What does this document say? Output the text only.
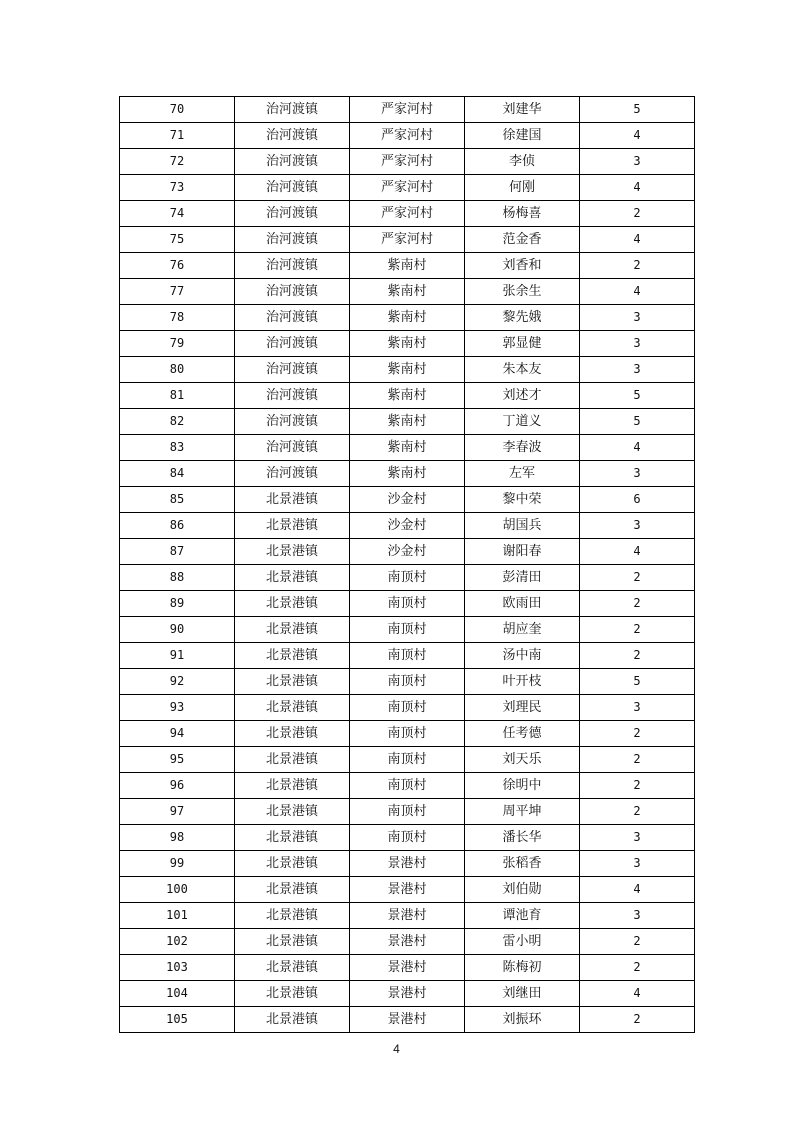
70	治河渡镇	严家河村	刘建华	5
71	治河渡镇	严家河村	徐建国	4
72	治河渡镇	严家河村	李侦	3
73	治河渡镇	严家河村	何刚	4
74	治河渡镇	严家河村	杨梅喜	2
75	治河渡镇	严家河村	范金香	4
76	治河渡镇	紫南村	刘香和	2
77	治河渡镇	紫南村	张余生	4
78	治河渡镇	紫南村	黎先娥	3
79	治河渡镇	紫南村	郭显健	3
80	治河渡镇	紫南村	朱本友	3
81	治河渡镇	紫南村	刘述才	5
82	治河渡镇	紫南村	丁道义	5
83	治河渡镇	紫南村	李春波	4
84	治河渡镇	紫南村	左军	3
85	北景港镇	沙金村	黎中荣	6
86	北景港镇	沙金村	胡国兵	3
87	北景港镇	沙金村	谢阳春	4
88	北景港镇	南顶村	彭清田	2
89	北景港镇	南顶村	欧雨田	2
90	北景港镇	南顶村	胡应奎	2
91	北景港镇	南顶村	汤中南	2
92	北景港镇	南顶村	叶开枝	5
93	北景港镇	南顶村	刘理民	3
94	北景港镇	南顶村	任考德	2
95	北景港镇	南顶村	刘天乐	2
96	北景港镇	南顶村	徐明中	2
97	北景港镇	南顶村	周平坤	2
98	北景港镇	南顶村	潘长华	3
99	北景港镇	景港村	张稻香	3
100	北景港镇	景港村	刘伯勋	4
101	北景港镇	景港村	谭池育	3
102	北景港镇	景港村	雷小明	2
103	北景港镇	景港村	陈梅初	2
104	北景港镇	景港村	刘继田	4
105	北景港镇	景港村	刘振环	2
4
